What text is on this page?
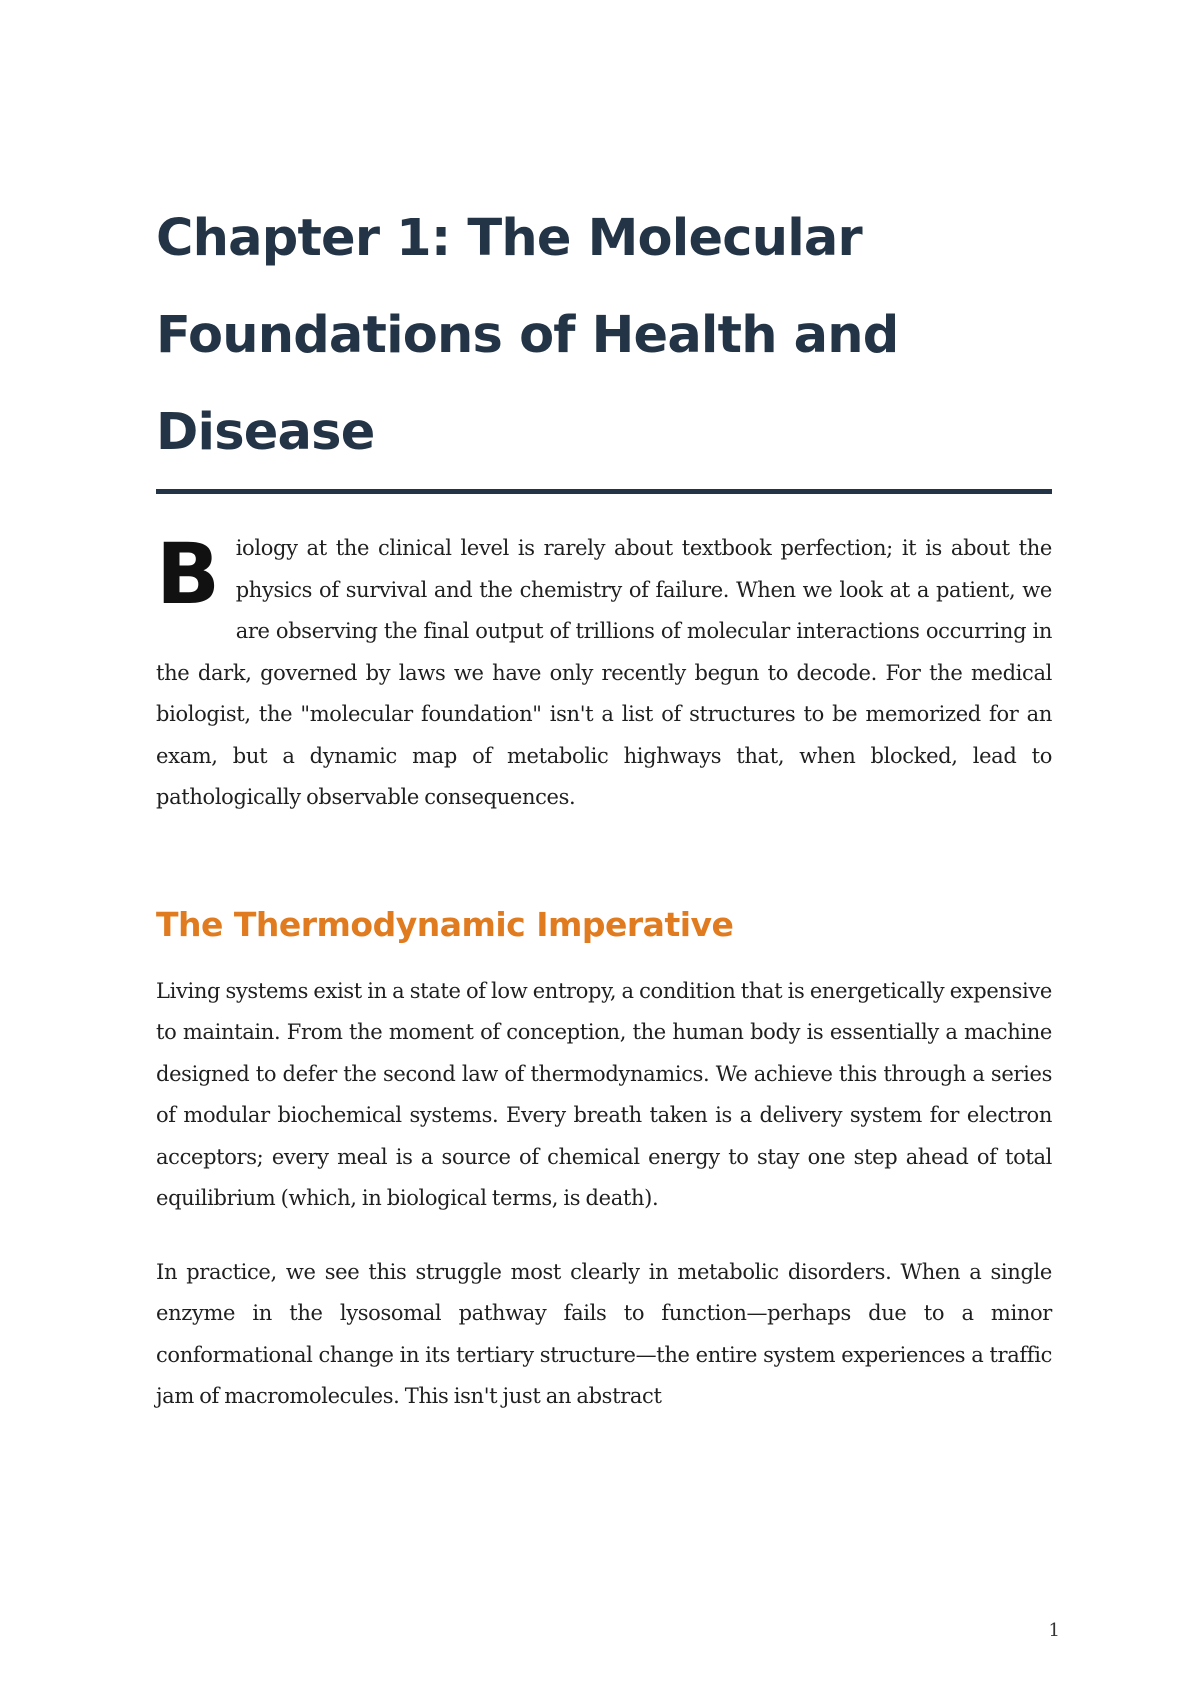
Chapter 1: The Molecular Foundations of Health and Disease

Biology at the clinical level is rarely about textbook perfection; it is about the physics of survival and the chemistry of failure. When we look at a patient, we are observing the final output of trillions of molecular interactions occurring in the dark, governed by laws we have only recently begun to decode. For the medical biologist, the "molecular foundation" isn't a list of structures to be memorized for an exam, but a dynamic map of metabolic highways that, when blocked, lead to pathologically observable consequences.

The Thermodynamic Imperative

Living systems exist in a state of low entropy, a condition that is energetically expensive to maintain. From the moment of conception, the human body is essentially a machine designed to defer the second law of thermodynamics. We achieve this through a series of modular biochemical systems. Every breath taken is a delivery system for electron acceptors; every meal is a source of chemical energy to stay one step ahead of total equilibrium (which, in biological terms, is death).

In practice, we see this struggle most clearly in metabolic disorders. When a single enzyme in the lysosomal pathway fails to function—perhaps due to a minor conformational change in its tertiary structure—the entire system experiences a traffic jam of macromolecules. This isn't just an abstract

1
